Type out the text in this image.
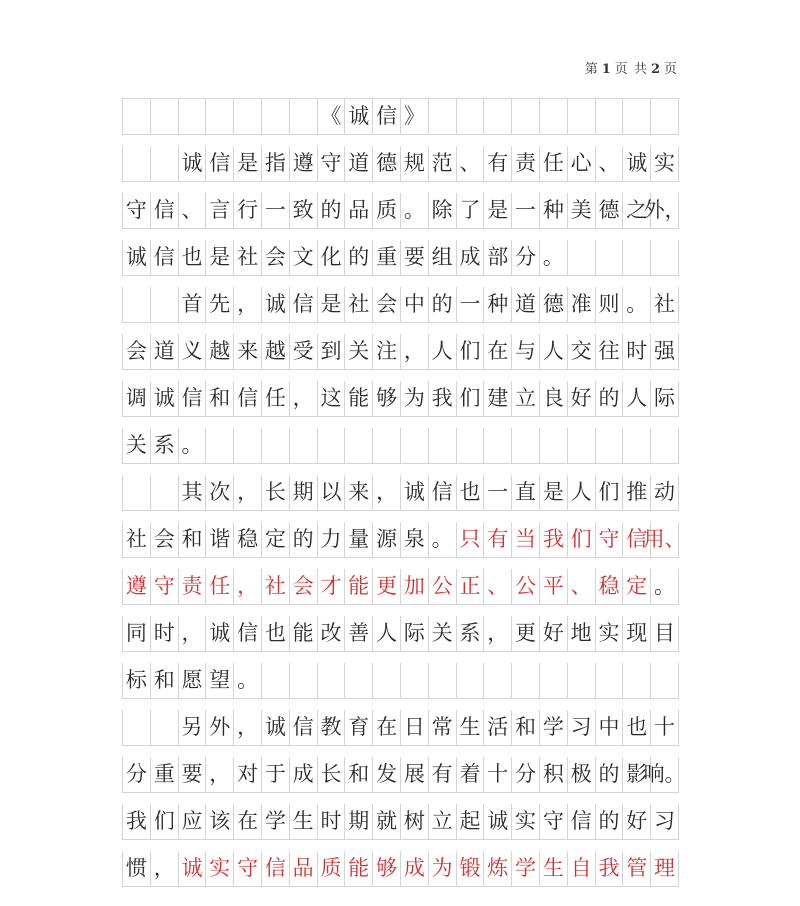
第 1 页 共 2 页
《 诚 信 》
诚 信 是 指 遵 守 道 德 规 范 、 有 责 任 心 、 诚 实
守 信 、 言 行 一 致 的 品 质 。 除 了 是 一 种 美 德 之
外，
诚 信 也 是 社 会 文 化 的 重 要 组 成 部 分 。
首 先 ， 诚 信 是 社 会 中 的 一 种 道 德 准 则 。 社
会 道 义 越 来 越 受 到 关 注 ， 人 们 在 与 人 交 往 时 强
调 诚 信 和 信 任 ， 这 能 够 为 我 们 建 立 良 好 的 人 际
关 系 。
其 次 ， 长 期 以 来 ， 诚 信 也 一 直 是 人 们 推 动
社 会 和 谐 稳 定 的 力 量 源 泉 。 只 有 当 我 们 守 信
用、
遵 守 责 任 ， 社 会 才 能 更 加 公 正 、 公 平 、 稳 定 。
同 时 ， 诚 信 也 能 改 善 人 际 关 系 ， 更 好 地 实 现 目
标 和 愿 望 。
另 外 ， 诚 信 教 育 在 日 常 生 活 和 学 习 中 也 十
分 重 要 ， 对 于 成 长 和 发 展 有 着 十 分 积 极 的 影
响。
我 们 应 该 在 学 生 时 期 就 树 立 起 诚 实 守 信 的 好 习
惯 ， 诚 实 守 信 品 质 能 够 成 为 锻 炼 学 生 自 我 管 理
